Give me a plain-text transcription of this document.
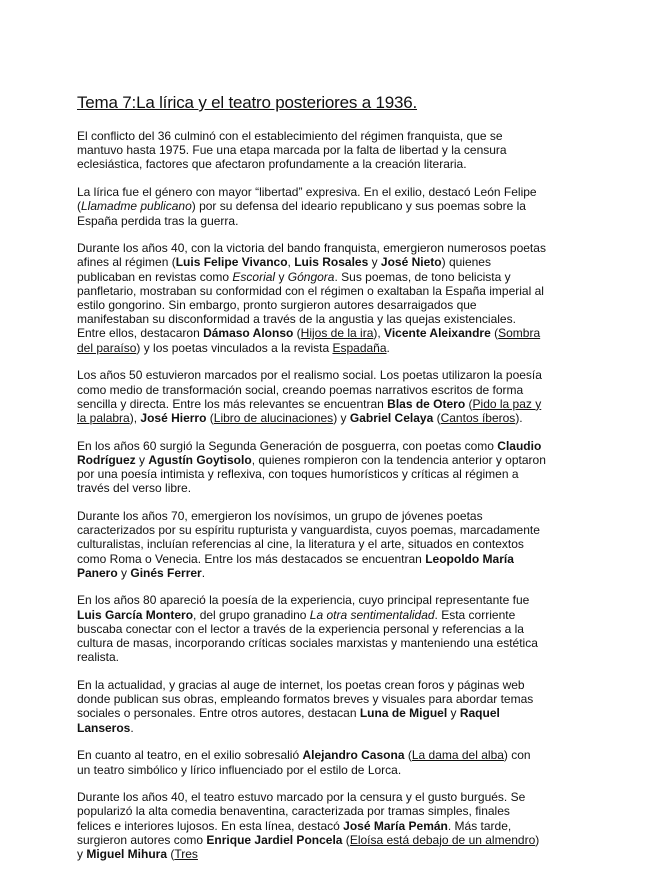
Tema 7:La lírica y el teatro posteriores a 1936.

El conflicto del 36 culminó con el establecimiento del régimen franquista, que se mantuvo hasta 1975. Fue una etapa marcada por la falta de libertad y la censura eclesiástica, factores que afectaron profundamente a la creación literaria.

La lírica fue el género con mayor “libertad” expresiva. En el exilio, destacó León Felipe (Llamadme publicano) por su defensa del ideario republicano y sus poemas sobre la España perdida tras la guerra.

Durante los años 40, con la victoria del bando franquista, emergieron numerosos poetas afines al régimen (Luis Felipe Vivanco, Luis Rosales y José Nieto) quienes publicaban en revistas como Escorial y Góngora. Sus poemas, de tono belicista y panfletario, mostraban su conformidad con el régimen o exaltaban la España imperial al estilo gongorino. Sin embargo, pronto surgieron autores desarraigados que manifestaban su disconformidad a través de la angustia y las quejas existenciales. Entre ellos, destacaron Dámaso Alonso (Hijos de la ira), Vicente Aleixandre (Sombra del paraíso) y los poetas vinculados a la revista Espadaña.

Los años 50 estuvieron marcados por el realismo social. Los poetas utilizaron la poesía como medio de transformación social, creando poemas narrativos escritos de forma sencilla y directa. Entre los más relevantes se encuentran Blas de Otero (Pido la paz y la palabra), José Hierro (Libro de alucinaciones) y Gabriel Celaya (Cantos íberos).

En los años 60 surgió la Segunda Generación de posguerra, con poetas como Claudio Rodríguez y Agustín Goytisolo, quienes rompieron con la tendencia anterior y optaron por una poesía intimista y reflexiva, con toques humorísticos y críticas al régimen a través del verso libre.

Durante los años 70, emergieron los novísimos, un grupo de jóvenes poetas caracterizados por su espíritu rupturista y vanguardista, cuyos poemas, marcadamente culturalistas, incluían referencias al cine, la literatura y el arte, situados en contextos como Roma o Venecia. Entre los más destacados se encuentran Leopoldo María Panero y Ginés Ferrer.

En los años 80 apareció la poesía de la experiencia, cuyo principal representante fue Luis García Montero, del grupo granadino La otra sentimentalidad. Esta corriente buscaba conectar con el lector a través de la experiencia personal y referencias a la cultura de masas, incorporando críticas sociales marxistas y manteniendo una estética realista.

En la actualidad, y gracias al auge de internet, los poetas crean foros y páginas web donde publican sus obras, empleando formatos breves y visuales para abordar temas sociales o personales. Entre otros autores, destacan Luna de Miguel y Raquel Lanseros.

En cuanto al teatro, en el exilio sobresalió Alejandro Casona (La dama del alba) con un teatro simbólico y lírico influenciado por el estilo de Lorca.

Durante los años 40, el teatro estuvo marcado por la censura y el gusto burgués. Se popularizó la alta comedia benaventina, caracterizada por tramas simples, finales felices e interiores lujosos. En esta línea, destacó José María Pemán. Más tarde, surgieron autores como Enrique Jardiel Poncela (Eloísa está debajo de un almendro) y Miguel Mihura (Tres
